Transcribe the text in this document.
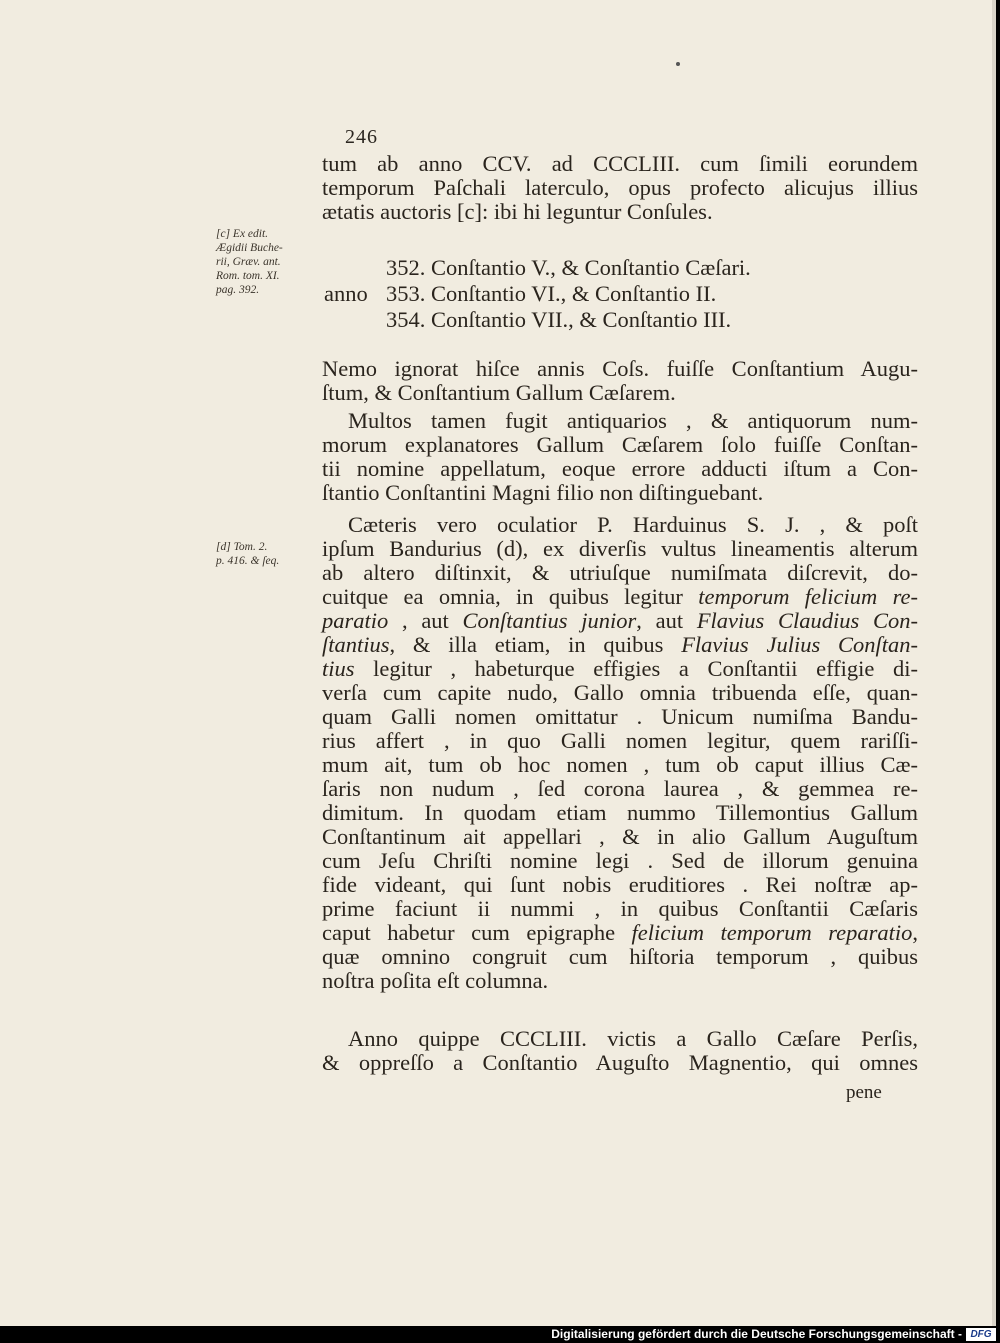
246
tum ab anno CCV. ad CCCLIII. cum ſimili eorundem
temporum Paſchali laterculo, opus profecto alicujus illius
ætatis auctoris [c]: ibi hi leguntur Conſules.
[c] Ex edit.
Ægidii Buche-
rii, Græv. ant.
Rom. tom. XI.
pag. 392.
352. Conſtantio V., & Conſtantio Cæſari.
anno 353. Conſtantio VI., & Conſtantio II.
354. Conſtantio VII., & Conſtantio III.
Nemo ignorat hiſce annis Coſs. fuiſſe Conſtantium Augu-
ſtum, & Conſtantium Gallum Cæſarem.
Multos tamen fugit antiquarios , & antiquorum num-
morum explanatores Gallum Cæſarem ſolo fuiſſe Conſtan-
tii nomine appellatum, eoque errore adducti iſtum a Con-
ſtantio Conſtantini Magni filio non diſtinguebant.
[d] Tom. 2.
p. 416. & ſeq.
Cæteris vero oculatior P. Harduinus S. J. , & poſt
ipſum Bandurius (d), ex diverſis vultus lineamentis alterum
ab altero diſtinxit, & utriuſque numiſmata diſcrevit, do-
cuitque ea omnia, in quibus legitur temporum felicium re-
paratio , aut Conſtantius junior, aut Flavius Claudius Con-
ſtantius, & illa etiam, in quibus Flavius Julius Conſtan-
tius legitur , habeturque effigies a Conſtantii effigie di-
verſa cum capite nudo, Gallo omnia tribuenda eſſe, quan-
quam Galli nomen omittatur . Unicum numiſma Bandu-
rius affert , in quo Galli nomen legitur, quem rariſſi-
mum ait, tum ob hoc nomen , tum ob caput illius Cæ-
ſaris non nudum , ſed corona laurea , & gemmea re-
dimitum. In quodam etiam nummo Tillemontius Gallum
Conſtantinum ait appellari , & in alio Gallum Auguſtum
cum Jeſu Chriſti nomine legi . Sed de illorum genuina
fide videant, qui ſunt nobis eruditiores . Rei noſtræ ap-
prime faciunt ii nummi , in quibus Conſtantii Cæſaris
caput habetur cum epigraphe felicium temporum reparatio,
quæ omnino congruit cum hiſtoria temporum , quibus
noſtra poſita eſt columna.
Anno quippe CCCLIII. victis a Gallo Cæſare Perſis,
& oppreſſo a Conſtantio Auguſto Magnentio, qui omnes
pene
Digitalisierung gefördert durch die Deutsche Forschungsgemeinschaft - DFG
